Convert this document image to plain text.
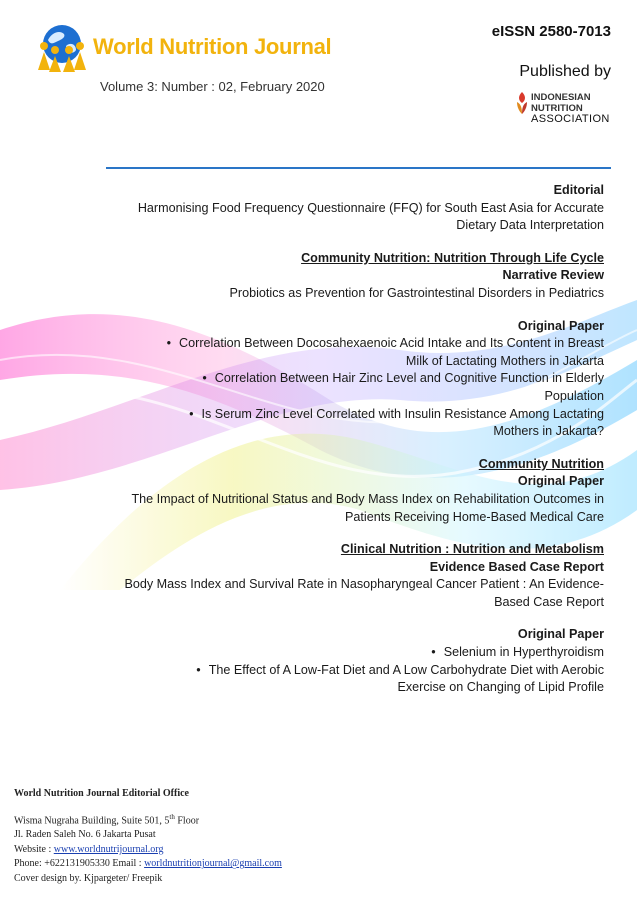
World Nutrition Journal
Volume 3: Number : 02, February 2020
eISSN 2580-7013
Published by
INDONESIAN
NUTRITION
ASSOCIATION
Editorial
Harmonising Food Frequency Questionnaire (FFQ) for South East Asia for Accurate
Dietary Data Interpretation
Community Nutrition: Nutrition Through Life Cycle
Narrative Review
Probiotics as Prevention for Gastrointestinal Disorders in Pediatrics
Original Paper
• Correlation Between Docosahexaenoic Acid Intake and Its Content in Breast
Milk of Lactating Mothers in Jakarta
• Correlation Between Hair Zinc Level and Cognitive Function in Elderly
Population
• Is Serum Zinc Level Correlated with Insulin Resistance Among Lactating
Mothers in Jakarta?
Community Nutrition
Original Paper
The Impact of Nutritional Status and Body Mass Index on Rehabilitation Outcomes in
Patients Receiving Home-Based Medical Care
Clinical Nutrition : Nutrition and Metabolism
Evidence Based Case Report
Body Mass Index and Survival Rate in Nasopharyngeal Cancer Patient : An Evidence-
Based Case Report
Original Paper
• Selenium in Hyperthyroidism
• The Effect of A Low-Fat Diet and A Low Carbohydrate Diet with Aerobic
Exercise on Changing of Lipid Profile
World Nutrition Journal Editorial Office
Wisma Nugraha Building, Suite 501, 5th Floor
Jl. Raden Saleh No. 6 Jakarta Pusat
Website : www.worldnutrijournal.org
Phone: +622131905330 Email : worldnutritionjournal@gmail.com
Cover design by. Kjpargeter/ Freepik
